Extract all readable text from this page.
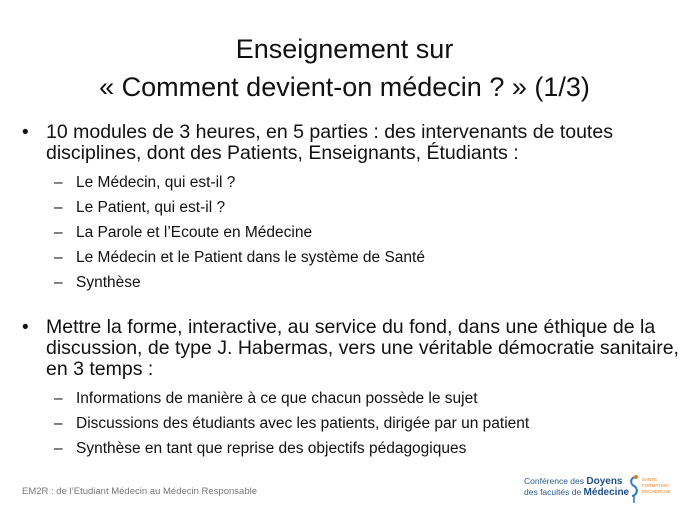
Enseignement sur
« Comment devient-on médecin ? » (1/3)
• 10 modules de 3 heures, en 5 parties : des intervenants de toutes disciplines, dont des Patients, Enseignants, Étudiants :
– Le Médecin, qui est-il ?
– Le Patient, qui est-il ?
– La Parole et l’Ecoute en Médecine
– Le Médecin et le Patient dans le système de Santé
– Synthèse
• Mettre la forme, interactive, au service du fond, dans une éthique de la discussion, de type J. Habermas, vers une véritable démocratie sanitaire, en 3 temps :
– Informations de manière à ce que chacun possède le sujet
– Discussions des étudiants avec les patients, dirigée par un patient
– Synthèse en tant que reprise des objectifs pédagogiques
EM2R : de l’Etudiant Médecin au Médecin Responsable
Conférence des Doyens
des facultés de Médecine
SANTÉ
FORMATION
RECHERCHE
